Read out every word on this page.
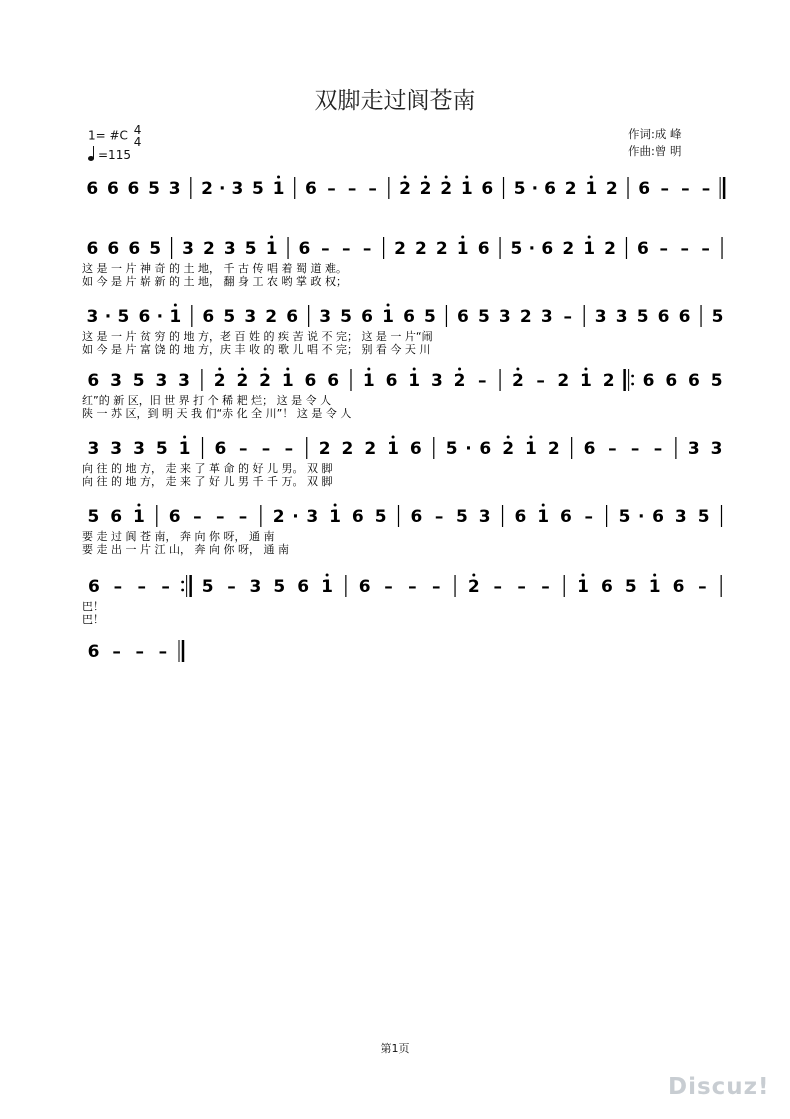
双脚走过阆苍南
1= #C 4
4
=115
作词:成 峰
作曲:曾 明
6 6 6 5 3 2 · 3 5 1 6 – – – 2 2 2 1 6 5 · 6 2 1 2 6 – – –
6 6 6 5 3 2 3 5 1 6 – – – 2 2 2 1 6 5 · 6 2 1 2 6 – – –
这 是 一 片 神 奇 的 土 地， 千 古 传 唱 着 蜀 道 难。
如 今 是 片 崭 新 的 土 地， 翻 身 工 农 哟 掌 政 权；
3 · 5 6 · 1 6 5 3 2 6 3 5 6 1 6 5 6 5 3 2 3 – 3 3 5 6 6 5
这 是 一 片 贫 穷 的 地 方，老 百 姓 的 疾 苦 说 不 完； 这 是 一 片“闹
如 今 是 片 富 饶 的 地 方，庆 丰 收 的 歌 儿 唱 不 完； 别 看 今 天 川
6 3 5 3 3 2 2 2 1 6 6 1 6 1 3 2 – 2 – 2 1 2 6 6 6 5
红”的 新 区，旧 世 界 打 个 稀 耙 烂； 这 是 令 人
陕 一 苏 区，到 明 天 我 们“赤 化 全 川”！ 这 是 令 人
3 3 3 5 1 6 – – – 2 2 2 1 6 5 · 6 2 1 2 6 – – – 3 3
向 往 的 地 方， 走 来 了 革 命 的 好 儿 男。 双 脚
向 往 的 地 方， 走 来 了 好 儿 男 千 千 万。 双 脚
5 6 1 6 – – – 2 · 3 1 6 5 6 – 5 3 6 1 6 – 5 · 6 3 5
要 走 过 阆 苍 南， 奔 向 你 呀， 通 南
要 走 出 一 片 江 山， 奔 向 你 呀， 通 南
6 – – – 5 – 3 5 6 1 6 – – – 2 – – – 1 6 5 1 6 –
巴！
巴！
6 – – –
第1页
Discuz!
